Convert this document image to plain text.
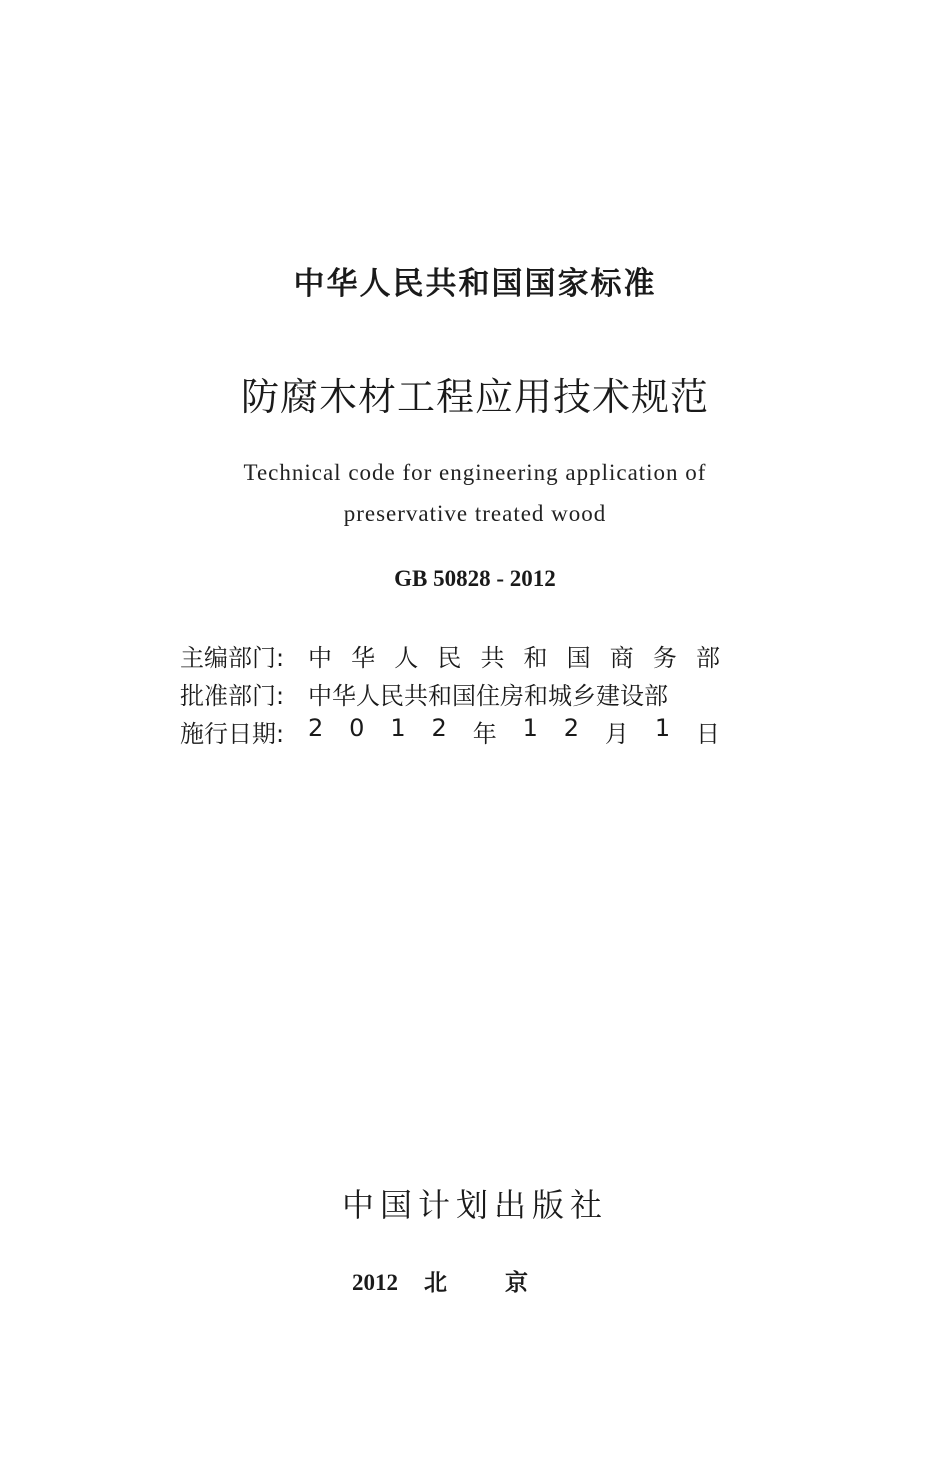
中华人民共和国国家标准
防腐木材工程应用技术规范
Technical code for engineering application of
preservative treated wood
GB 50828 - 2012
主编部门: 中 华 人 民 共 和 国 商 务 部
批准部门: 中华人民共和国住房和城乡建设部
施行日期: 2 0 1 2 年 1 2 月 1 日
中国计划出版社
2012 北京
